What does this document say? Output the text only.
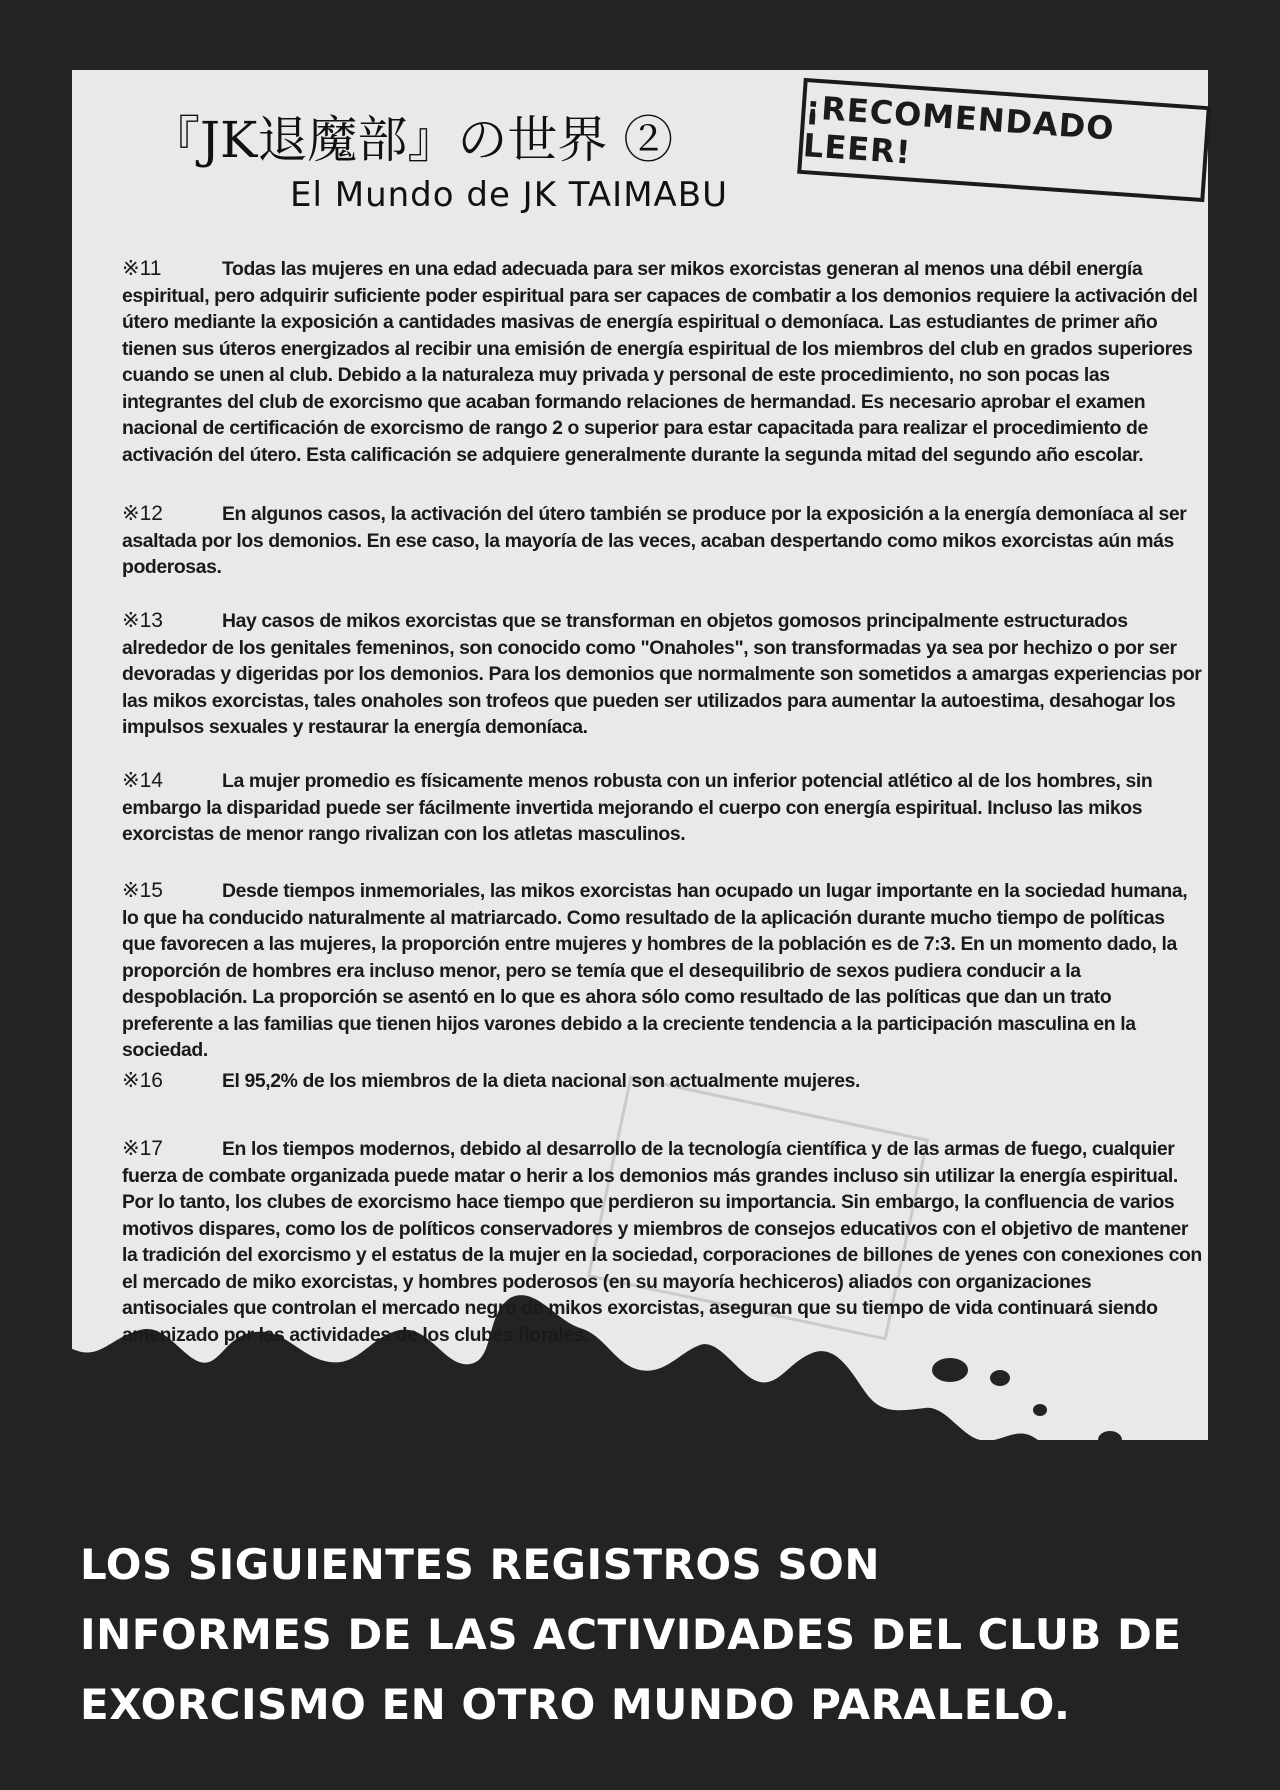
『JK退魔部』の世界 ②
El Mundo de JK TAIMABU
¡RECOMENDADO LEER!
※11	Todas las mujeres en una edad adecuada para ser mikos exorcistas generan al menos una débil energía espiritual, pero adquirir suficiente poder espiritual para ser capaces de combatir a los demonios requiere la activación del útero mediante la exposición a cantidades masivas de energía espiritual o demoníaca. Las estudiantes de primer año tienen sus úteros energizados al recibir una emisión de energía espiritual de los miembros del club en grados superiores cuando se unen al club. Debido a la naturaleza muy privada y personal de este procedimiento, no son pocas las integrantes del club de exorcismo que acaban formando relaciones de hermandad. Es necesario aprobar el examen nacional de certificación de exorcismo de rango 2 o superior para estar capacitada para realizar el procedimiento de activación del útero. Esta calificación se adquiere generalmente durante la segunda mitad del segundo año escolar.
※12	En algunos casos, la activación del útero también se produce por la exposición a la energía demoníaca al ser asaltada por los demonios. En ese caso, la mayoría de las veces, acaban despertando como mikos exorcistas aún más poderosas.
※13	Hay casos de mikos exorcistas que se transforman en objetos gomosos principalmente estructurados alrededor de los genitales femeninos, son conocido como "Onaholes", son transformadas ya sea por hechizo o por ser devoradas y digeridas por los demonios. Para los demonios que normalmente son sometidos a amargas experiencias por las mikos exorcistas, tales onaholes son trofeos que pueden ser utilizados para aumentar la autoestima, desahogar los impulsos sexuales y restaurar la energía demoníaca.
※14	La mujer promedio es físicamente menos robusta con un inferior potencial atlético al de los hombres, sin embargo la disparidad puede ser fácilmente invertida mejorando el cuerpo con energía espiritual. Incluso las mikos exorcistas de menor rango rivalizan con los atletas masculinos.
※15	Desde tiempos inmemoriales, las mikos exorcistas han ocupado un lugar importante en la sociedad humana, lo que ha conducido naturalmente al matriarcado. Como resultado de la aplicación durante mucho tiempo de políticas que favorecen a las mujeres, la proporción entre mujeres y hombres de la población es de 7:3. En un momento dado, la proporción de hombres era incluso menor, pero se temía que el desequilibrio de sexos pudiera conducir a la despoblación. La proporción se asentó en lo que es ahora sólo como resultado de las políticas que dan un trato preferente a las familias que tienen hijos varones debido a la creciente tendencia a la participación masculina en la sociedad.
※16	El 95,2% de los miembros de la dieta nacional son actualmente mujeres.
※17	En los tiempos modernos, debido al desarrollo de la tecnología científica y de las armas de fuego, cualquier fuerza de combate organizada puede matar o herir a los demonios más grandes incluso sin utilizar la energía espiritual. Por lo tanto, los clubes de exorcismo hace tiempo que perdieron su importancia. Sin embargo, la confluencia de varios motivos dispares, como los de políticos conservadores y miembros de consejos educativos con el objetivo de mantener la tradición del exorcismo y el estatus de la mujer en la sociedad, corporaciones de billones de yenes con conexiones con el mercado de miko exorcistas, y hombres poderosos (en su mayoría hechiceros) aliados con organizaciones antisociales que controlan el mercado negro de mikos exorcistas, aseguran que su tiempo de vida continuará siendo amenizado por las actividades de los clubes florales.

LOS SIGUIENTES REGISTROS SON

INFORMES DE LAS ACTIVIDADES DEL CLUB DE

EXORCISMO EN OTRO MUNDO PARALELO.
